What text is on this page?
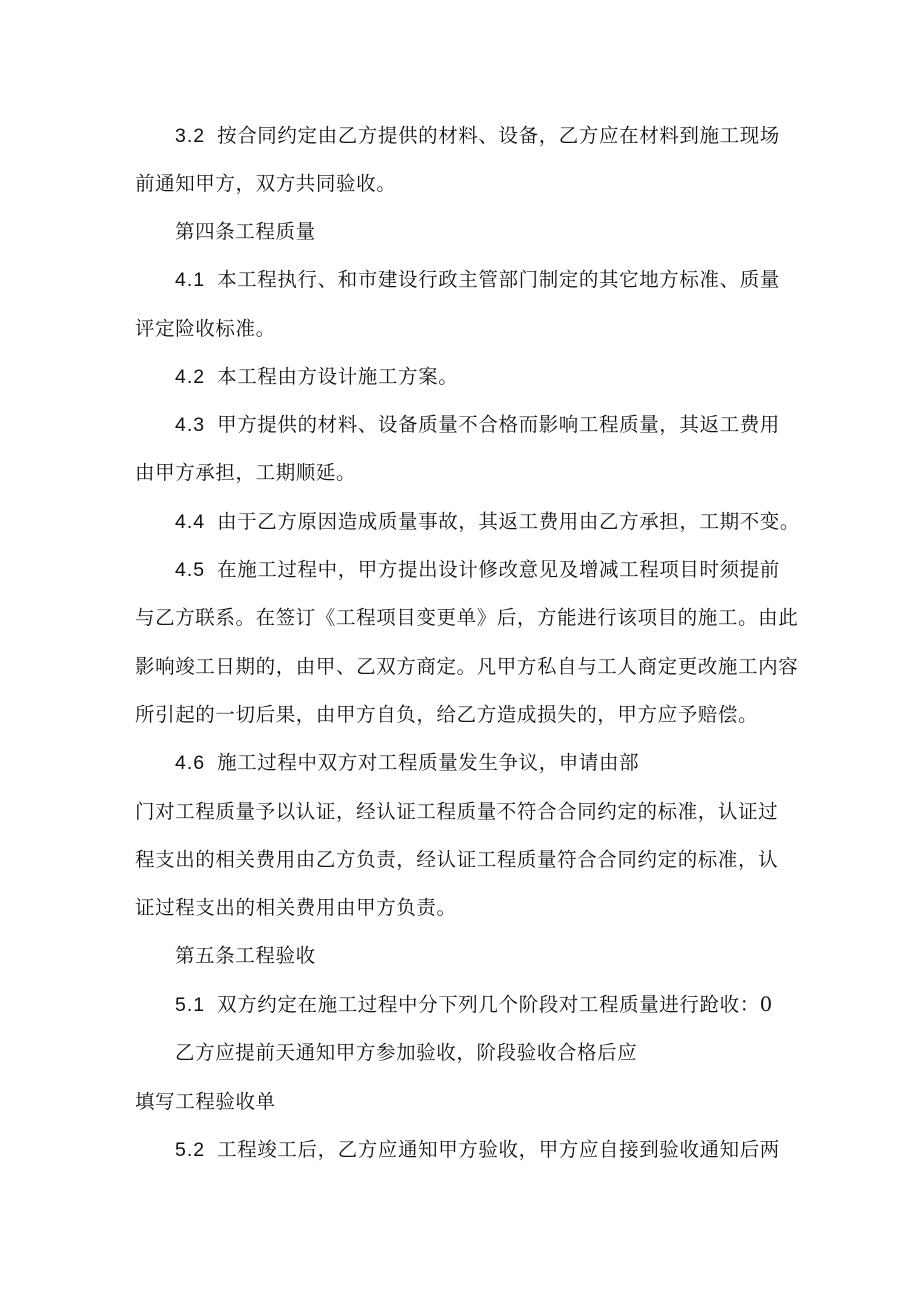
3.2 按合同约定由乙方提供的材料、设备，乙方应在材料到施工现场
前通知甲方，双方共同验收。
第四条工程质量
4.1 本工程执行、和市建设行政主管部门制定的其它地方标准、质量
评定险收标准。
4.2 本工程由方设计施工方案。
4.3 甲方提供的材料、设备质量不合格而影响工程质量，其返工费用
由甲方承担，工期顺延。
4.4 由于乙方原因造成质量事故，其返工费用由乙方承担，工期不变。
4.5 在施工过程中，甲方提出设计修改意见及增减工程项目时须提前
与乙方联系。在签订《工程项目变更单》后，方能进行该项目的施工。由此
影响竣工日期的，由甲、乙双方商定。凡甲方私自与工人商定更改施工内容
所引起的一切后果，由甲方自负，给乙方造成损失的，甲方应予赔偿。
4.6 施工过程中双方对工程质量发生争议，申请由部
门对工程质量予以认证，经认证工程质量不符合合同约定的标准，认证过
程支出的相关费用由乙方负责，经认证工程质量符合合同约定的标准，认
证过程支出的相关费用由甲方负责。
第五条工程验收
5.1 双方约定在施工过程中分下列几个阶段对工程质量进行跄收：0
乙方应提前天通知甲方参加验收，阶段验收合格后应
填写工程验收单
5.2 工程竣工后，乙方应通知甲方验收，甲方应自接到验收通知后两
